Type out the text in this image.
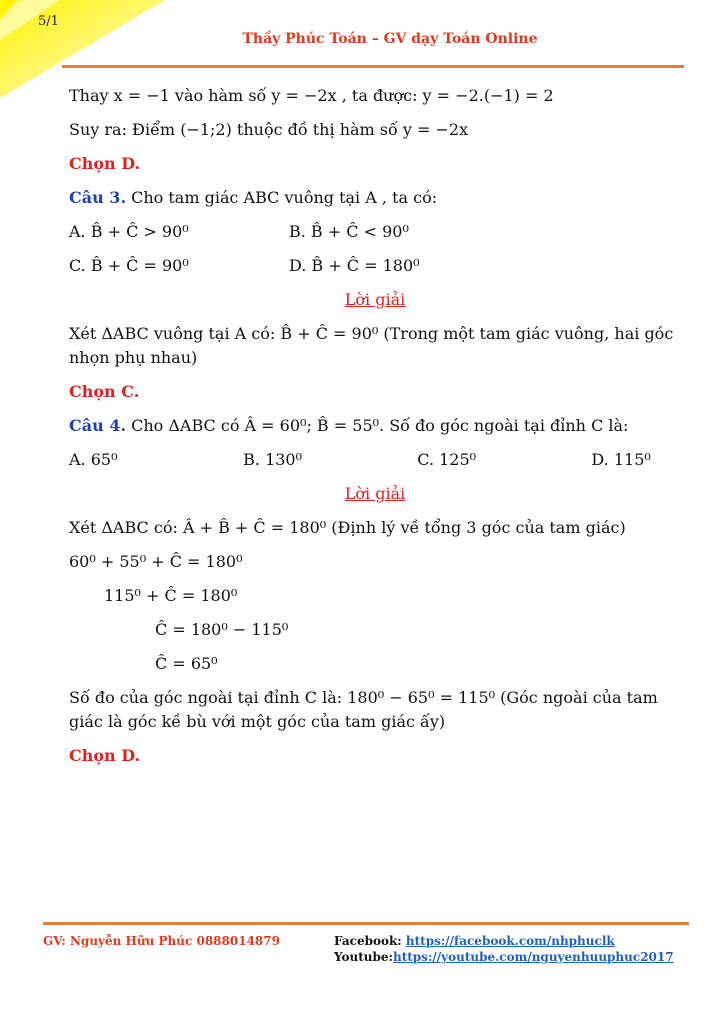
5/1
Thầy Phúc Toán – GV dạy Toán Online
Thay x = −1 vào hàm số y = −2x , ta được: y = −2.(−1) = 2
Suy ra: Điểm (−1;2) thuộc đồ thị hàm số y = −2x
Chọn D.
Câu 3. Cho tam giác ABC vuông tại A , ta có:
A. B̂ + Ĉ > 90⁰	B. B̂ + Ĉ < 90⁰
C. B̂ + Ĉ = 90⁰	D. B̂ + Ĉ = 180⁰
Lời giải
Xét ΔABC vuông tại A có: B̂ + Ĉ = 90⁰ (Trong một tam giác vuông, hai góc nhọn phụ nhau)
Chọn C.
Câu 4. Cho ΔABC có Â = 60⁰; B̂ = 55⁰. Số đo góc ngoài tại đỉnh C là:
A. 65⁰	B. 130⁰	C. 125⁰	D. 115⁰
Lời giải
Xét ΔABC có: Â + B̂ + Ĉ = 180⁰ (Định lý về tổng 3 góc của tam giác)
60⁰ + 55⁰ + Ĉ = 180⁰
115⁰ + Ĉ = 180⁰
Ĉ = 180⁰ − 115⁰
Ĉ = 65⁰
Số đo của góc ngoài tại đỉnh C là: 180⁰ − 65⁰ = 115⁰ (Góc ngoài của tam giác là góc kề bù với một góc của tam giác ấy)
Chọn D.
GV: Nguyễn Hữu Phúc 0888014879	Facebook: https://facebook.com/nhphuclk
Youtube:https://youtube.com/nguyenhuuphuc2017
